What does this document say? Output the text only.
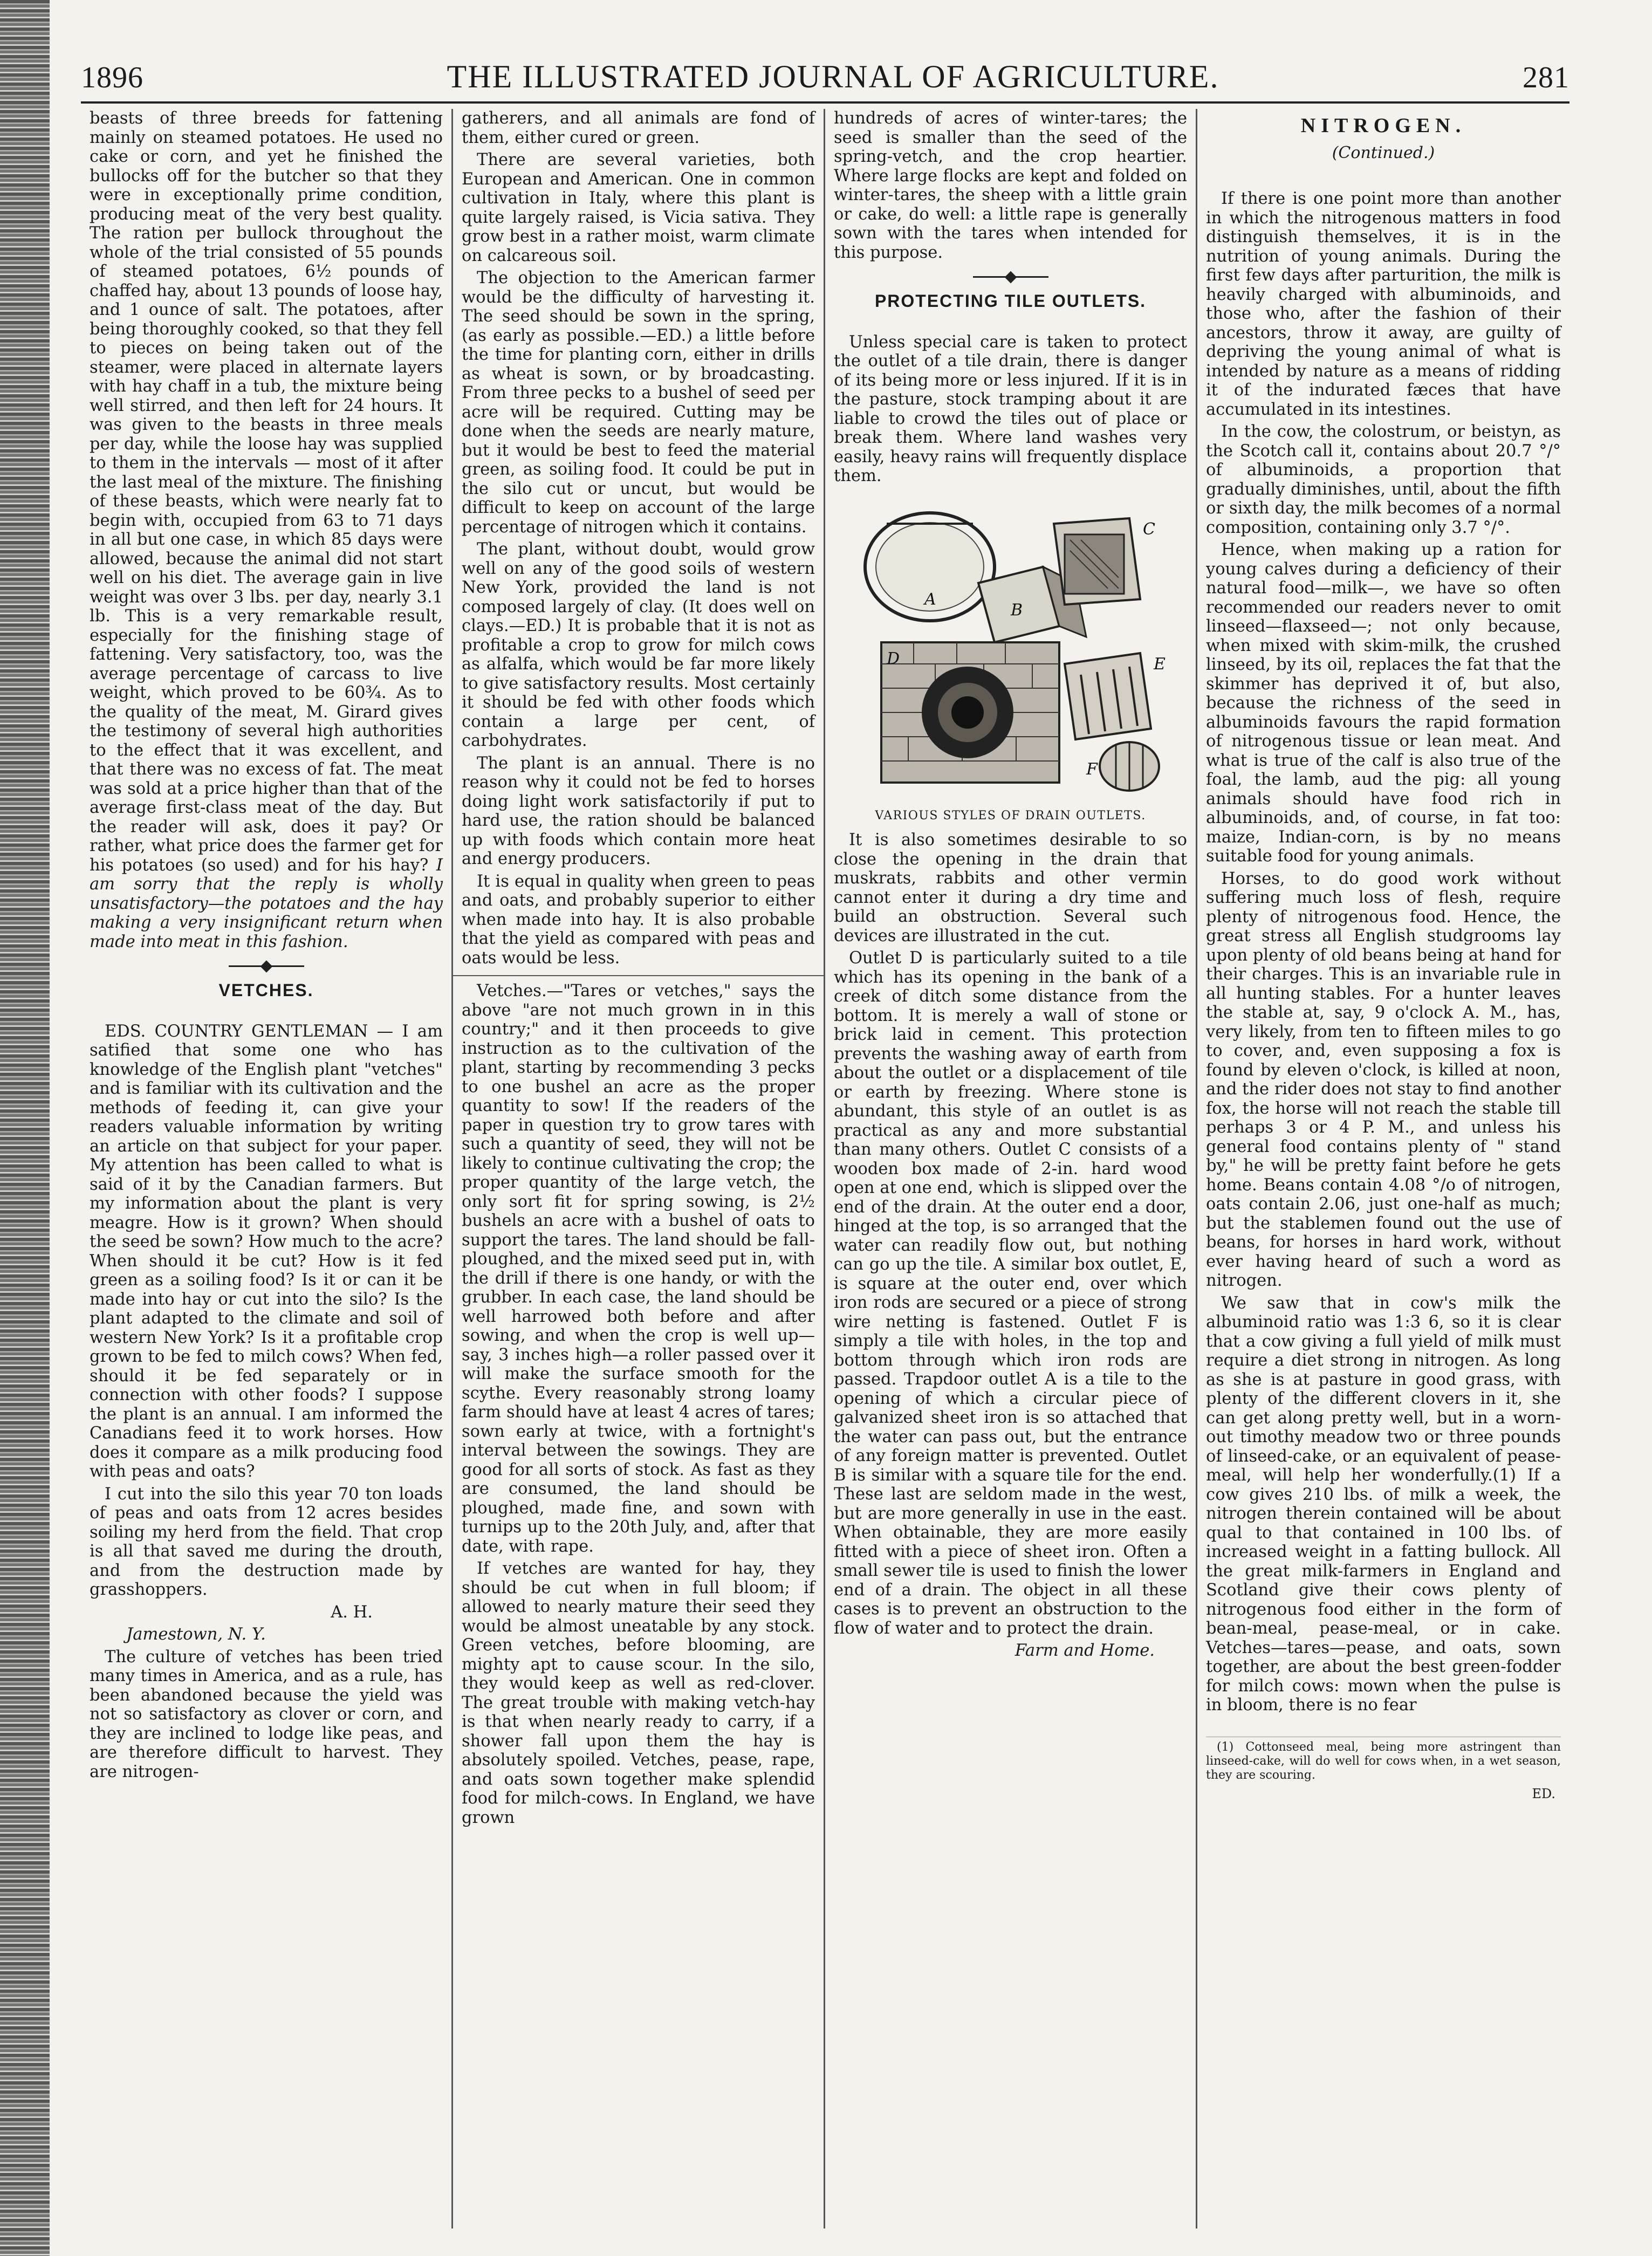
1896	THE ILLUSTRATED JOURNAL OF AGRICULTURE.	281

beasts of three breeds for fattening mainly on steamed potatoes. He used no cake or corn, and yet he finished the bullocks off for the butcher so that they were in exceptionally prime condition, producing meat of the very best quality. The ration per bullock throughout the whole of the trial consisted of 55 pounds of steamed potatoes, 6½ pounds of chaffed hay, about 13 pounds of loose hay, and 1 ounce of salt. The potatoes, after being thoroughly cooked, so that they fell to pieces on being taken out of the steamer, were placed in alternate layers with hay chaff in a tub, the mixture being well stirred, and then left for 24 hours. It was given to the beasts in three meals per day, while the loose hay was supplied to them in the intervals — most of it after the last meal of the mixture. The finishing of these beasts, which were nearly fat to begin with, occupied from 63 to 71 days in all but one case, in which 85 days were allowed, because the animal did not start well on his diet. The average gain in live weight was over 3 lbs. per day, nearly 3.1 lb. This is a very remarkable result, especially for the finishing stage of fattening. Very satisfactory, too, was the average percentage of carcass to live weight, which proved to be 60¾. As to the quality of the meat, M. Girard gives the testimony of several high authorities to the effect that it was excellent, and that there was no excess of fat. The meat was sold at a price higher than that of the average first-class meat of the day. But the reader will ask, does it pay? Or rather, what price does the farmer get for his potatoes (so used) and for his hay? I am sorry that the reply is wholly unsatisfactory—the potatoes and the hay making a very insignificant return when made into meat in this fashion.

VETCHES.

EDS. COUNTRY GENTLEMAN — I am satified that some one who has knowledge of the English plant "vetches" and is familiar with its cultivation and the methods of feeding it, can give your readers valuable information by writing an article on that subject for your paper. My attention has been called to what is said of it by the Canadian farmers. But my information about the plant is very meagre. How is it grown? When should the seed be sown? How much to the acre? When should it be cut? How is it fed green as a soiling food? Is it or can it be made into hay or cut into the silo? Is the plant adapted to the climate and soil of western New York? Is it a profitable crop grown to be fed to milch cows? When fed, should it be fed separately or in connection with other foods? I suppose the plant is an annual. I am informed the Canadians feed it to work horses. How does it compare as a milk producing food with peas and oats?

I cut into the silo this year 70 ton loads of peas and oats from 12 acres besides soiling my herd from the field. That crop is all that saved me during the drouth, and from the destruction made by grasshoppers.

A. H.

Jamestown, N. Y.

The culture of vetches has been tried many times in America, and as a rule, has been abandoned because the yield was not so satisfactory as clover or corn, and they are inclined to lodge like peas, and are therefore difficult to harvest. They are nitrogen-

gatherers, and all animals are fond of them, either cured or green.

There are several varieties, both European and American. One in common cultivation in Italy, where this plant is quite largely raised, is Vicia sativa. They grow best in a rather moist, warm climate on calcareous soil.

The objection to the American farmer would be the difficulty of harvesting it. The seed should be sown in the spring, (as early as possible.—ED.) a little before the time for planting corn, either in drills as wheat is sown, or by broadcasting. From three pecks to a bushel of seed per acre will be required. Cutting may be done when the seeds are nearly mature, but it would be best to feed the material green, as soiling food. It could be put in the silo cut or uncut, but would be difficult to keep on account of the large percentage of nitrogen which it contains.

The plant, without doubt, would grow well on any of the good soils of western New York, provided the land is not composed largely of clay. (It does well on clays.—ED.) It is probable that it is not as profitable a crop to grow for milch cows as alfalfa, which would be far more likely to give satisfactory results. Most certainly it should be fed with other foods which contain a large per cent, of carbohydrates.

The plant is an annual. There is no reason why it could not be fed to horses doing light work satisfactorily if put to hard use, the ration should be balanced up with foods which contain more heat and energy producers.

It is equal in quality when green to peas and oats, and probably superior to either when made into hay. It is also probable that the yield as compared with peas and oats would be less.

Vetches.—"Tares or vetches," says the above "are not much grown in in this country;" and it then proceeds to give instruction as to the cultivation of the plant, starting by recommending 3 pecks to one bushel an acre as the proper quantity to sow! If the readers of the paper in question try to grow tares with such a quantity of seed, they will not be likely to continue cultivating the crop; the proper quantity of the large vetch, the only sort fit for spring sowing, is 2½ bushels an acre with a bushel of oats to support the tares. The land should be fall-ploughed, and the mixed seed put in, with the drill if there is one handy, or with the grubber. In each case, the land should be well harrowed both before and after sowing, and when the crop is well up—say, 3 inches high—a roller passed over it will make the surface smooth for the scythe. Every reasonably strong loamy farm should have at least 4 acres of tares; sown early at twice, with a fortnight's interval between the sowings. They are good for all sorts of stock. As fast as they are consumed, the land should be ploughed, made fine, and sown with turnips up to the 20th July, and, after that date, with rape.

If vetches are wanted for hay, they should be cut when in full bloom; if allowed to nearly mature their seed they would be almost uneatable by any stock. Green vetches, before blooming, are mighty apt to cause scour. In the silo, they would keep as well as red-clover. The great trouble with making vetch-hay is that when nearly ready to carry, if a shower fall upon them the hay is absolutely spoiled. Vetches, pease, rape, and oats sown together make splendid food for milch-cows. In England, we have grown

hundreds of acres of winter-tares; the seed is smaller than the seed of the spring-vetch, and the crop heartier. Where large flocks are kept and folded on winter-tares, the sheep with a little grain or cake, do well: a little rape is generally sown with the tares when intended for this purpose.

PROTECTING TILE OUTLETS.

Unless special care is taken to protect the outlet of a tile drain, there is danger of its being more or less injured. If it is in the pasture, stock tramping about it are liable to crowd the tiles out of place or break them. Where land washes very easily, heavy rains will frequently displace them.

A
B
C
D	E
F
VARIOUS STYLES OF DRAIN OUTLETS.

It is also sometimes desirable to so close the opening in the drain that muskrats, rabbits and other vermin cannot enter it during a dry time and build an obstruction. Several such devices are illustrated in the cut.

Outlet D is particularly suited to a tile which has its opening in the bank of a creek of ditch some distance from the bottom. It is merely a wall of stone or brick laid in cement. This protection prevents the washing away of earth from about the outlet or a displacement of tile or earth by freezing. Where stone is abundant, this style of an outlet is as practical as any and more substantial than many others. Outlet C consists of a wooden box made of 2-in. hard wood open at one end, which is slipped over the end of the drain. At the outer end a door, hinged at the top, is so arranged that the water can readily flow out, but nothing can go up the tile. A similar box outlet, E, is square at the outer end, over which iron rods are secured or a piece of strong wire netting is fastened. Outlet F is simply a tile with holes, in the top and bottom through which iron rods are passed. Trapdoor outlet A is a tile to the opening of which a circular piece of galvanized sheet iron is so attached that the water can pass out, but the entrance of any foreign matter is prevented. Outlet B is similar with a square tile for the end. These last are seldom made in the west, but are more generally in use in the east. When obtainable, they are more easily fitted with a piece of sheet iron. Often a small sewer tile is used to finish the lower end of a drain. The object in all these cases is to prevent an obstruction to the flow of water and to protect the drain.

Farm and Home.

NITROGEN.
(Continued.)

If there is one point more than another in which the nitrogenous matters in food distinguish themselves, it is in the nutrition of young animals. During the first few days after parturition, the milk is heavily charged with albuminoids, and those who, after the fashion of their ancestors, throw it away, are guilty of depriving the young animal of what is intended by nature as a means of ridding it of the indurated fæces that have accumulated in its intestines.

In the cow, the colostrum, or beistyn, as the Scotch call it, contains about 20.7 °/° of albuminoids, a proportion that gradually diminishes, until, about the fifth or sixth day, the milk becomes of a normal composition, containing only 3.7 °/°.

Hence, when making up a ration for young calves during a deficiency of their natural food—milk—, we have so often recommended our readers never to omit linseed—flaxseed—; not only because, when mixed with skim-milk, the crushed linseed, by its oil, replaces the fat that the skimmer has deprived it of, but also, because the richness of the seed in albuminoids favours the rapid formation of nitrogenous tissue or lean meat. And what is true of the calf is also true of the foal, the lamb, aud the pig: all young animals should have food rich in albuminoids, and, of course, in fat too: maize, Indian-corn, is by no means suitable food for young animals.

Horses, to do good work without suffering much loss of flesh, require plenty of nitrogenous food. Hence, the great stress all English studgrooms lay upon plenty of old beans being at hand for their charges. This is an invariable rule in all hunting stables. For a hunter leaves the stable at, say, 9 o'clock A. M., has, very likely, from ten to fifteen miles to go to cover, and, even supposing a fox is found by eleven o'clock, is killed at noon, and the rider does not stay to find another fox, the horse will not reach the stable till perhaps 3 or 4 P. M., and unless his general food contains plenty of " stand by," he will be pretty faint before he gets home. Beans contain 4.08 °/o of nitrogen, oats contain 2.06, just one-half as much; but the stablemen found out the use of beans, for horses in hard work, without ever having heard of such a word as nitrogen.

We saw that in cow's milk the albuminoid ratio was 1:3 6, so it is clear that a cow giving a full yield of milk must require a diet strong in nitrogen. As long as she is at pasture in good grass, with plenty of the different clovers in it, she can get along pretty well, but in a worn-out timothy meadow two or three pounds of linseed-cake, or an equivalent of pease-meal, will help her wonderfully.(1) If a cow gives 210 lbs. of milk a week, the nitrogen therein contained will be about qual to that contained in 100 lbs. of increased weight in a fatting bullock. All the great milk-farmers in England and Scotland give their cows plenty of nitrogenous food either in the form of bean-meal, pease-meal, or in cake. Vetches—tares—pease, and oats, sown together, are about the best green-fodder for milch cows: mown when the pulse is in bloom, there is no fear

(1) Cottonseed meal, being more astringent than linseed-cake, will do well for cows when, in a wet season, they are scouring.
ED.
